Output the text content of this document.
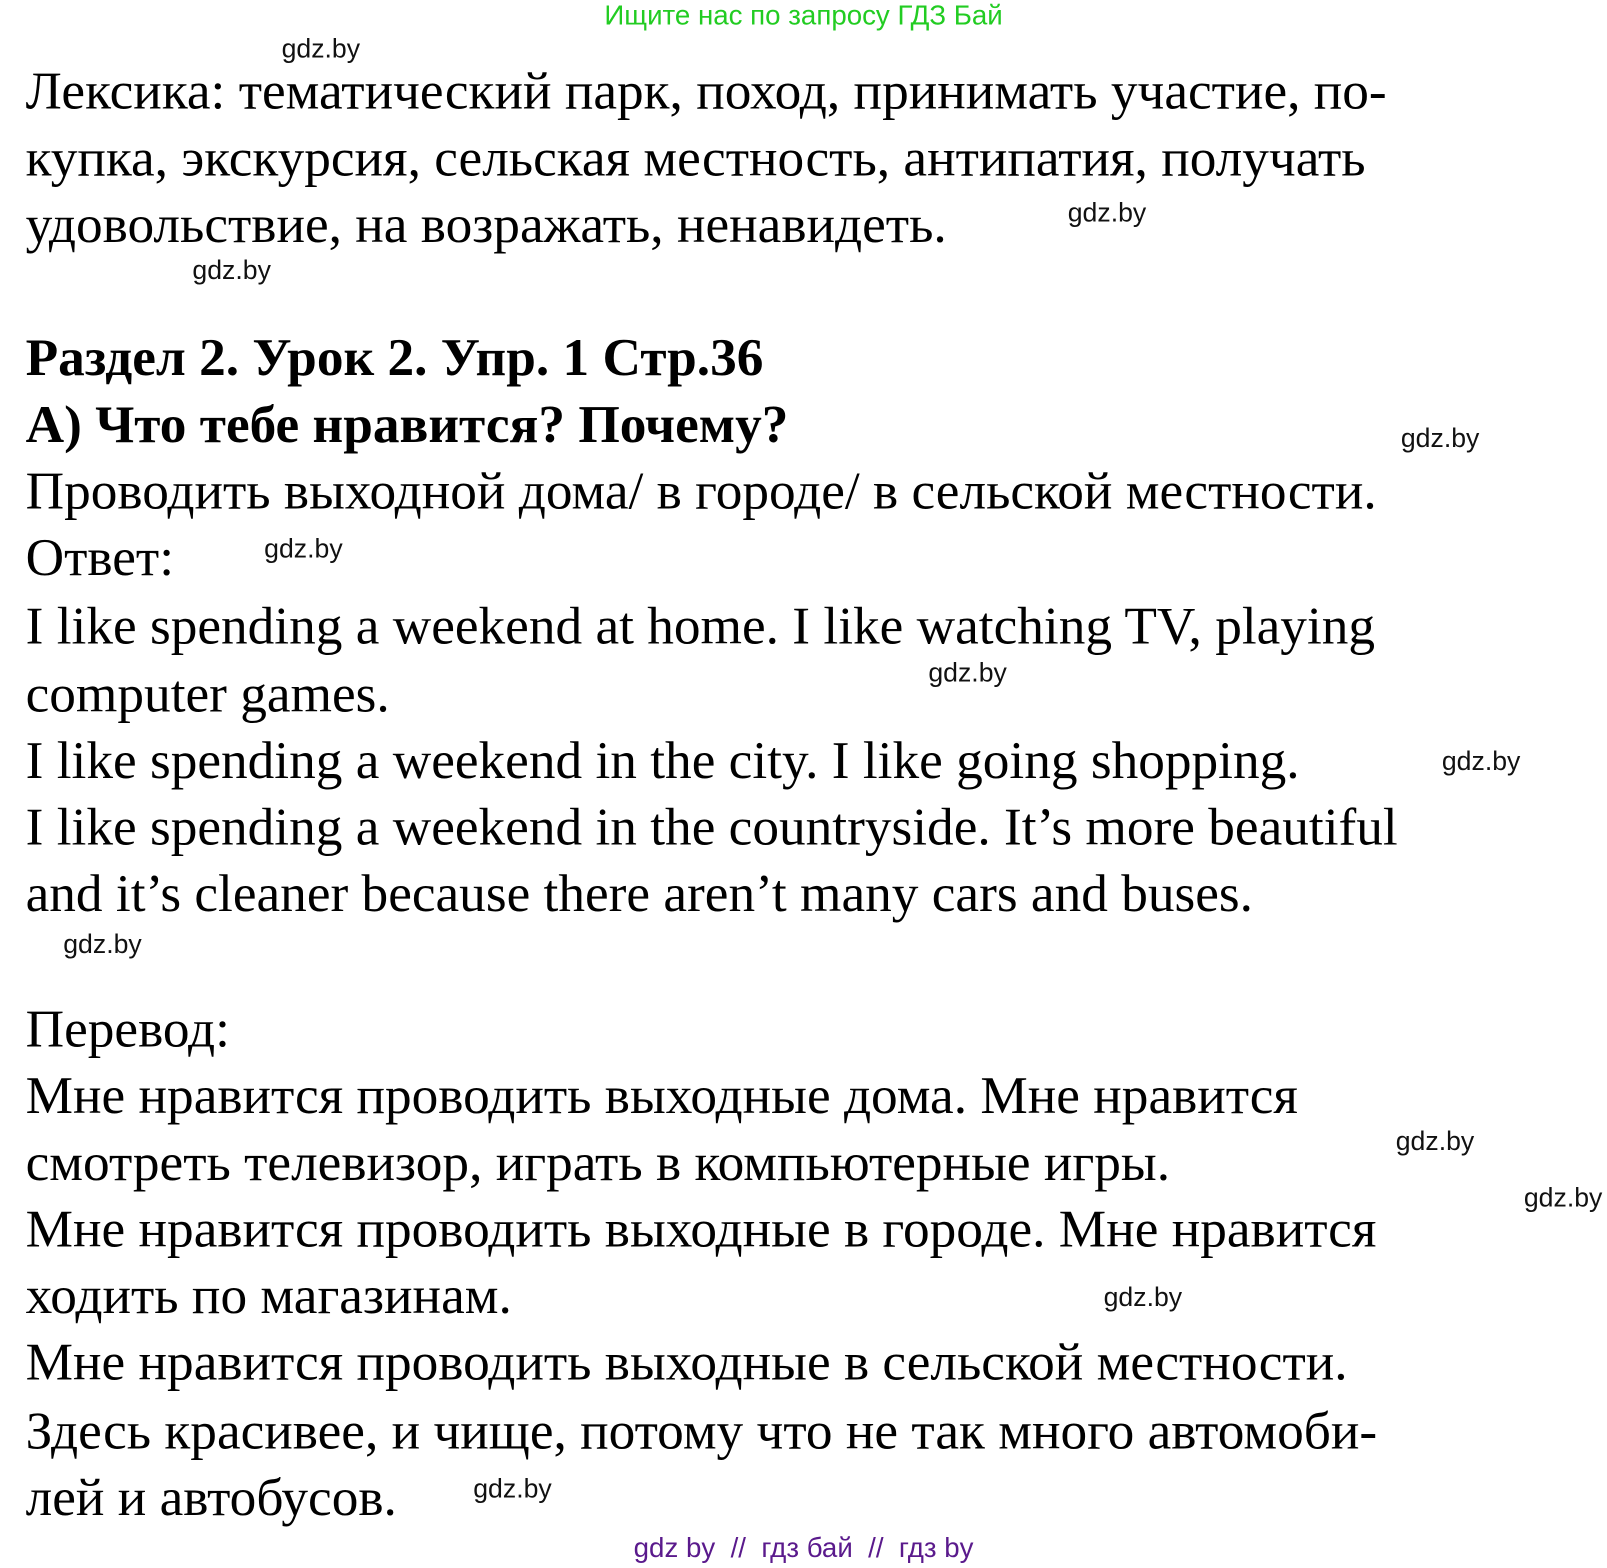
Ищите нас по запросу ГДЗ Бай
Лексика: тематический парк, поход, принимать участие, по-
купка, экскурсия, сельская местность, антипатия, получать
удовольствие, на возражать, ненавидеть.
Раздел 2. Урок 2. Упр. 1 Стр.36
А) Что тебе нравится? Почему?
Проводить выходной дома/ в городе/ в сельской местности.
Ответ:
I like spending a weekend at home. I like watching TV, playing
computer games.
I like spending a weekend in the city. I like going shopping.
I like spending a weekend in the countryside. It’s more beautiful
and it’s cleaner because there aren’t many cars and buses.
Перевод:
Мне нравится проводить выходные дома. Мне нравится
смотреть телевизор, играть в компьютерные игры.
Мне нравится проводить выходные в городе. Мне нравится
ходить по магазинам.
Мне нравится проводить выходные в сельской местности.
Здесь красивее, и чище, потому что не так много автомоби-
лей и автобусов.
gdz.by
gdz.by
gdz.by
gdz.by
gdz.by
gdz.by
gdz.by
gdz.by
gdz.by
gdz.by
gdz.by
gdz.by
gdz by  //  гдз бай  //  гдз by
